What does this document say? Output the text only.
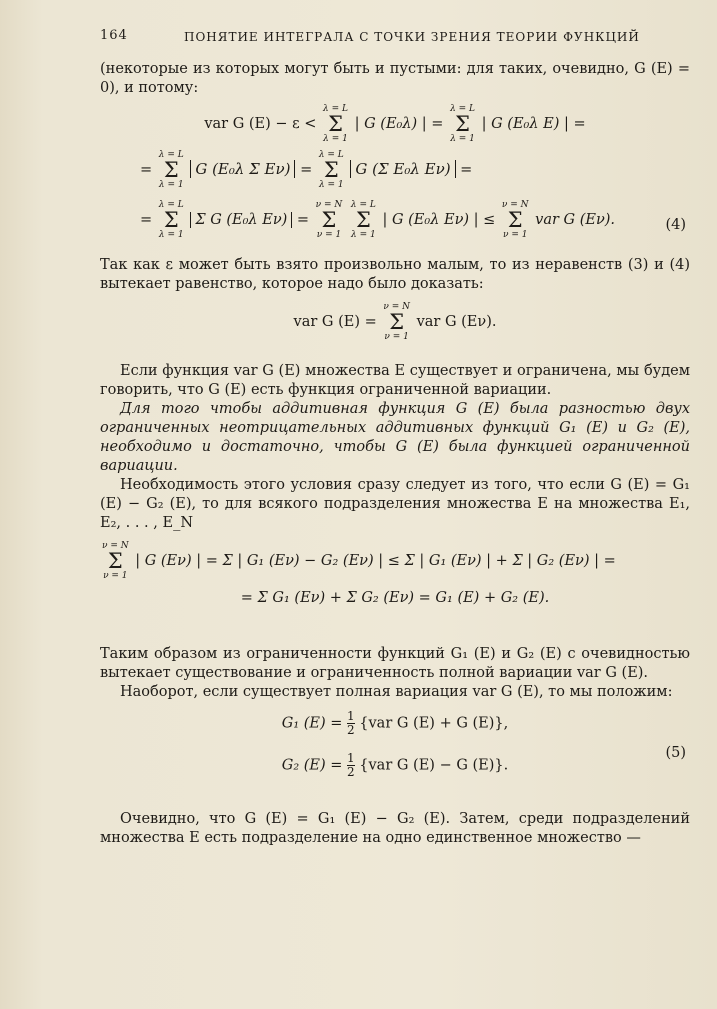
164	ПОНЯТИЕ ИНТЕГРАЛА С ТОЧКИ ЗРЕНИЯ ТЕОРИИ ФУНКЦИЙ

(некоторые из которых могут быть и пустыми: для таких, очевидно, G (E) = 0), и потому:

var G (E) − ε <
λ = L
Σ
λ = 1
| G (E₀λ) | =
λ = L
Σ
λ = 1
| G (E₀λ E) | =
=
λ = L
Σ
λ = 1
G (E₀λ Σ Eν) =
λ = L
Σ
λ = 1
G (Σ E₀λ Eν) =
=
λ = L
Σ
λ = 1
Σ G (E₀λ Eν) =
ν = N
Σ
ν = 1

λ = L
Σ
λ = 1
| G (E₀λ Eν) | ≤
ν = N
Σ
ν = 1
var G (Eν).	(4)

Так как ε может быть взято произвольно малым, то из неравенств (3) и (4) вытекает равенство, которое надо было доказать:

var G (E) =
ν = N
Σ
ν = 1
var G (Eν).

Если функция var G (E) множества E существует и ограничена, мы будем говорить, что G (E) есть функция ограниченной вариации.

Для того чтобы аддитивная функция G (E) была разностью двух ограниченных неотрицательных аддитивных функций G₁ (E) и G₂ (E), необходимо и достаточно, чтобы G (E) была функцией ограниченной вариации.

Необходимость этого условия сразу следует из того, что если G (E) = G₁ (E) − G₂ (E), то для всякого подразделения множества E на множества E₁, E₂, . . . , E_N

ν = N
Σ
ν = 1
| G (Eν) | = Σ | G₁ (Eν) − G₂ (Eν) | ≤ Σ | G₁ (Eν) | + Σ | G₂ (Eν) | =
= Σ G₁ (Eν) + Σ G₂ (Eν) = G₁ (E) + G₂ (E).

Таким образом из ограниченности функций G₁ (E) и G₂ (E) с очевидностью вытекает существование и ограниченность полной вариации var G (E).

Наоборот, если существует полная вариация var G (E), то мы положим:

G₁ $(E) = \frac{1}{2} \{var$ G (E) + G (E)},
G₂ $(E) = \frac{1}{2} \{var$ G (E) − G (E)}.
(5)

Очевидно, что G (E) = G₁ (E) − G₂ (E). Затем, среди подразделений множества E есть подразделение на одно единственное множество —
